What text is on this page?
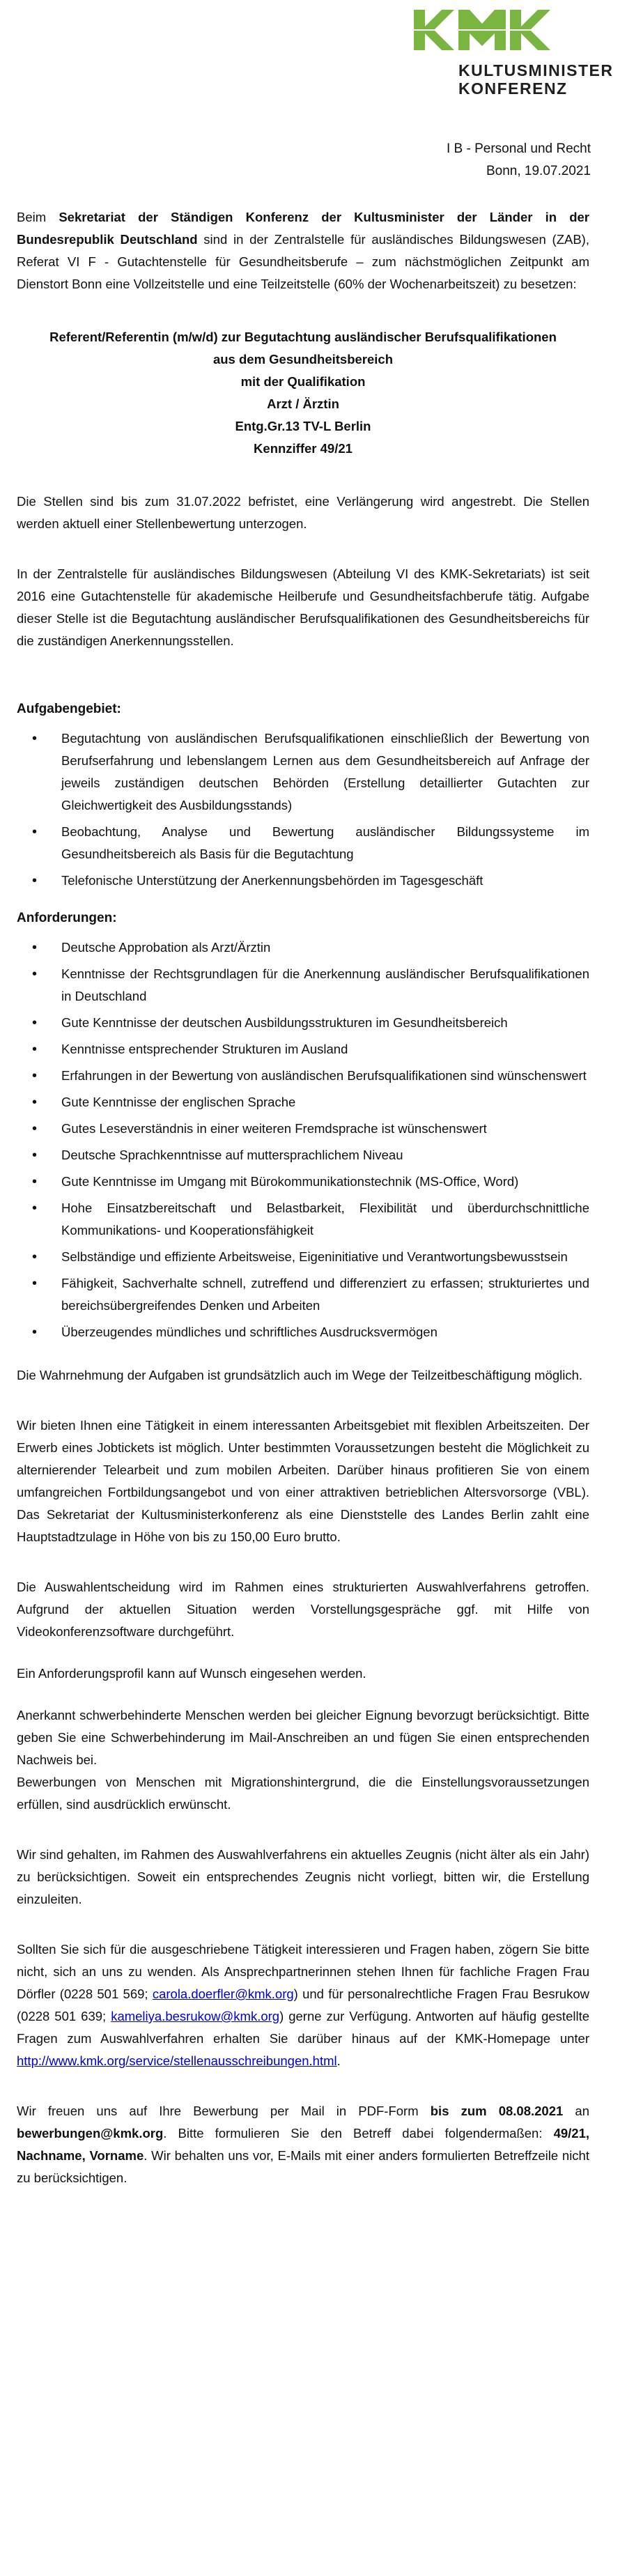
KULTUSMINISTER
KONFERENZ
I B - Personal und Recht
Bonn, 19.07.2021

Beim Sekretariat der Ständigen Konferenz der Kultusminister der Länder in der Bundesrepublik Deutschland sind in der Zentralstelle für ausländisches Bildungswesen (ZAB), Referat VI F - Gutachtenstelle für Gesundheitsberufe – zum nächstmöglichen Zeitpunkt am Dienstort Bonn eine Vollzeitstelle und eine Teilzeitstelle (60% der Wochenarbeitszeit) zu besetzen:

Referent/Referentin (m/w/d) zur Begutachtung ausländischer Berufsqualifikationen
aus dem Gesundheitsbereich
mit der Qualifikation
Arzt / Ärztin
Entg.Gr.13 TV-L Berlin
Kennziffer 49/21

Die Stellen sind bis zum 31.07.2022 befristet, eine Verlängerung wird angestrebt. Die Stellen werden aktuell einer Stellenbewertung unterzogen.

In der Zentralstelle für ausländisches Bildungswesen (Abteilung VI des KMK-Sekretariats) ist seit 2016 eine Gutachtenstelle für akademische Heilberufe und Gesundheitsfachberufe tätig. Aufgabe dieser Stelle ist die Begutachtung ausländischer Berufsqualifikationen des Gesundheitsbereichs für die zuständigen Anerkennungsstellen.

Aufgabengebiet:
• Begutachtung von ausländischen Berufsqualifikationen einschließlich der Bewertung von Berufserfahrung und lebenslangem Lernen aus dem Gesundheitsbereich auf Anfrage der jeweils zuständigen deutschen Behörden (Erstellung detaillierter Gutachten zur Gleichwertigkeit des Ausbildungsstands)
• Beobachtung, Analyse und Bewertung ausländischer Bildungssysteme im Gesundheitsbereich als Basis für die Begutachtung
• Telefonische Unterstützung der Anerkennungsbehörden im Tagesgeschäft
Anforderungen:
• Deutsche Approbation als Arzt/Ärztin
• Kenntnisse der Rechtsgrundlagen für die Anerkennung ausländischer Berufsqualifikationen in Deutschland
• Gute Kenntnisse der deutschen Ausbildungsstrukturen im Gesundheitsbereich
• Kenntnisse entsprechender Strukturen im Ausland
• Erfahrungen in der Bewertung von ausländischen Berufsqualifikationen sind wünschenswert
• Gute Kenntnisse der englischen Sprache
• Gutes Leseverständnis in einer weiteren Fremdsprache ist wünschenswert
• Deutsche Sprachkenntnisse auf muttersprachlichem Niveau
• Gute Kenntnisse im Umgang mit Bürokommunikationstechnik (MS-Office, Word)
• Hohe Einsatzbereitschaft und Belastbarkeit, Flexibilität und überdurchschnittliche Kommunikations- und Kooperationsfähigkeit
• Selbständige und effiziente Arbeitsweise, Eigeninitiative und Verantwortungsbewusstsein
• Fähigkeit, Sachverhalte schnell, zutreffend und differenziert zu erfassen; strukturiertes und bereichsübergreifendes Denken und Arbeiten
• Überzeugendes mündliches und schriftliches Ausdrucksvermögen

Die Wahrnehmung der Aufgaben ist grundsätzlich auch im Wege der Teilzeitbeschäftigung möglich.

Wir bieten Ihnen eine Tätigkeit in einem interessanten Arbeitsgebiet mit flexiblen Arbeitszeiten. Der Erwerb eines Jobtickets ist möglich. Unter bestimmten Voraussetzungen besteht die Möglichkeit zu alternierender Telearbeit und zum mobilen Arbeiten. Darüber hinaus profitieren Sie von einem umfangreichen Fortbildungsangebot und von einer attraktiven betrieblichen Altersvorsorge (VBL). Das Sekretariat der Kultusministerkonferenz als eine Dienststelle des Landes Berlin zahlt eine Hauptstadtzulage in Höhe von bis zu 150,00 Euro brutto.

Die Auswahlentscheidung wird im Rahmen eines strukturierten Auswahlverfahrens getroffen. Aufgrund der aktuellen Situation werden Vorstellungsgespräche ggf. mit Hilfe von Videokonferenzsoftware durchgeführt.

Ein Anforderungsprofil kann auf Wunsch eingesehen werden.

Anerkannt schwerbehinderte Menschen werden bei gleicher Eignung bevorzugt berücksichtigt. Bitte geben Sie eine Schwerbehinderung im Mail-Anschreiben an und fügen Sie einen entsprechenden Nachweis bei.

Bewerbungen von Menschen mit Migrationshintergrund, die die Einstellungsvoraussetzungen erfüllen, sind ausdrücklich erwünscht.

Wir sind gehalten, im Rahmen des Auswahlverfahrens ein aktuelles Zeugnis (nicht älter als ein Jahr) zu berücksichtigen. Soweit ein entsprechendes Zeugnis nicht vorliegt, bitten wir, die Erstellung einzuleiten.

Sollten Sie sich für die ausgeschriebene Tätigkeit interessieren und Fragen haben, zögern Sie bitte nicht, sich an uns zu wenden. Als Ansprechpartnerinnen stehen Ihnen für fachliche Fragen Frau Dörfler (0228 501 569; carola.doerfler@kmk.org) und für personalrechtliche Fragen Frau Besrukow (0228 501 639; kameliya.besrukow@kmk.org) gerne zur Verfügung. Antworten auf häufig gestellte Fragen zum Auswahlverfahren erhalten Sie darüber hinaus auf der KMK-Homepage unter http://www.kmk.org/service/stellenausschreibungen.html.

Wir freuen uns auf Ihre Bewerbung per Mail in PDF-Form bis zum 08.08.2021 an bewerbungen@kmk.org. Bitte formulieren Sie den Betreff dabei folgendermaßen: 49/21, Nachname, Vorname. Wir behalten uns vor, E-Mails mit einer anders formulierten Betreffzeile nicht zu berücksichtigen.
